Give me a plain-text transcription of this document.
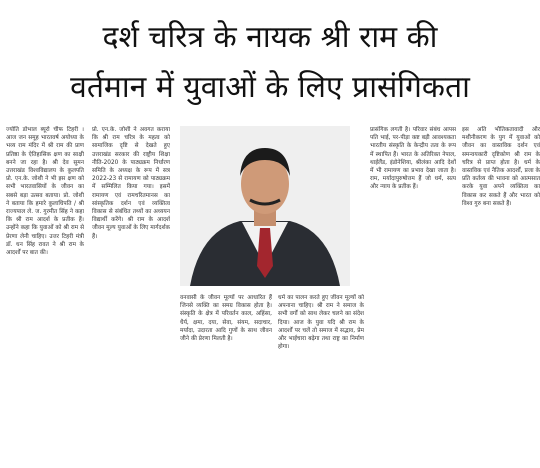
दर्श चरित्र के नायक श्री राम की
वर्तमान में युवाओं के लिए प्रासंगिकता

ज्योति डोभाल ब्यूरो चीफ टिहरी । आज जन समूह भारतवर्ष अयोध्या के भव्य राम मंदिर में श्री राम की प्राण प्रतिष्ठा के ऐतिहासिक क्षण का साक्षी बनने जा रहा है। श्री देव सुमन उत्तराखंड विश्वविद्यालय के कुलपति प्रो. एन.के. जोशी ने भी इस क्षण को सभी भारतवासियों के जीवन का सबसे बड़ा उत्सव बताया। प्रो. जोशी ने बताया कि हमारे कुलाधिपति / श्री राज्यपाल ले. ज. गुरमीत सिंह ने कहा कि श्री राम आदर्श के प्रतीक हैं। उन्होंने कहा कि युवाओं को श्री राम से प्रेरणा लेनी चाहिए। उत्तर टिहरी मंत्री डॉ. धन सिंह रावत ने श्री राम के आदर्शों पर बात की।

प्रो. एन.के. जोशी ने अवगत कराया कि श्री राम चरित्र के महत्व को सामाजिक दृष्टि से देखते हुए उत्तराखंड सरकार की राष्ट्रीय शिक्षा नीति-2020 के पाठ्यक्रम निर्धारण समिति के अध्यक्ष के रूप में सत्र 2022-23 से रामायण को पाठ्यक्रम में सम्मिलित किया गया। इसमें रामायण एवं रामचरितमानस का सांस्कृतिक दर्शन एवं व्यक्तित्व विकास से संबंधित तथ्यों का अध्ययन विद्यार्थी करेंगे। श्री राम के आदर्श जीवन मूल्य युवाओं के लिए मार्गदर्शक हैं।

वनवासी के जीवन मूल्यों पर आधारित हैं जिनसे व्यक्ति का समग्र विकास होता है। संस्कृति के क्षेत्र में परिवर्तन काल, अहिंसा, धैर्य, क्षमा, दया, सेवा, संयम, सदाचार, मर्यादा, उदारता आदि गुणों के साथ जीवन जीने की प्रेरणा मिलती है।

धर्म का पालन करते हुए जीवन मूल्यों को अपनाना चाहिए। श्री राम ने समाज के सभी वर्गों को साथ लेकर चलने का संदेश दिया। आज के युवा यदि श्री राम के आदर्शों पर चलें तो समाज में सद्भाव, प्रेम और भाईचारा बढ़ेगा तथा राष्ट्र का निर्माण होगा।

प्रासंगिक लगती है। परिवार संबंध आपस पति भाई, पर-पीड़ा कष्ट बड़ी आवश्यकता भारतीय संस्कृति के केन्द्रीय तत्व के रूप में स्थापित हैं। भारत के अतिरिक्त नेपाल, थाईलैंड, इंडोनेशिया, श्रीलंका आदि देशों में भी रामायण का प्रभाव देखा जाता है। राम, मर्यादापुरुषोत्तम हैं जो धर्म, सत्य और न्याय के प्रतीक हैं।

इस अति भौतिकतावादी और मशीनीकरण के युग में युवाओं को जीवन का वास्तविक दर्शन एवं समन्वयकारी दृष्टिकोण श्री राम के चरित्र से प्राप्त होता है। धर्म के वास्तविक एवं नैतिक आदर्शों, प्रजा के प्रति कर्तव्य की भावना को आत्मसात करके युवा अपने व्यक्तित्व का विकास कर सकते हैं और भारत को विश्व गुरु बना सकते हैं।
